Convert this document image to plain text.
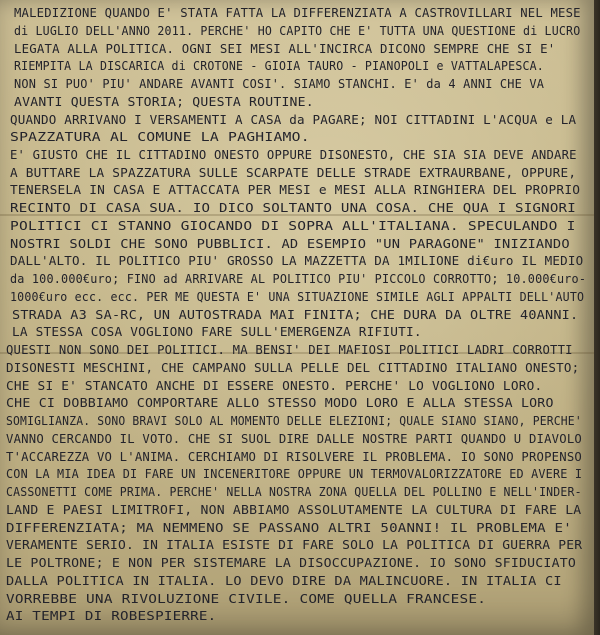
MALEDIZIONE QUANDO E' STATA FATTA LA DIFFERENZIATA A CASTROVILLARI NEL MESE
di LUGLIO DELL'ANNO 2011. PERCHE' HO CAPITO CHE E' TUTTA UNA QUESTIONE di LUCRO
LEGATA ALLA POLITICA. OGNI SEI MESI ALL'INCIRCA DICONO SEMPRE CHE SI E'
RIEMPITA LA DISCARICA di CROTONE - GIOIA TAURO - PIANOPOLI e VATTALAPESCA.
NON SI PUO' PIU' ANDARE AVANTI COSI'. SIAMO STANCHI. E' da 4 ANNI CHE VA
AVANTI QUESTA STORIA; QUESTA ROUTINE.
QUANDO ARRIVANO I VERSAMENTI A CASA da PAGARE; NOI CITTADINI L'ACQUA e LA
SPAZZATURA AL COMUNE LA PAGHIAMO.
E' GIUSTO CHE IL CITTADINO ONESTO OPPURE DISONESTO, CHE SIA SIA DEVE ANDARE
A BUTTARE LA SPAZZATURA SULLE SCARPATE DELLE STRADE EXTRAURBANE, OPPURE,
TENERSELA IN CASA E ATTACCATA PER MESI e MESI ALLA RINGHIERA DEL PROPRIO
RECINTO DI CASA SUA. IO DICO SOLTANTO UNA COSA. CHE QUA I SIGNORI
POLITICI CI STANNO GIOCANDO DI SOPRA ALL'ITALIANA. SPECULANDO I
NOSTRI SOLDI CHE SONO PUBBLICI. AD ESEMPIO "UN PARAGONE" INIZIANDO
DALL'ALTO. IL POLITICO PIU' GROSSO LA MAZZETTA DA 1MILIONE di€uro IL MEDIO
da 100.000€uro; FINO ad ARRIVARE AL POLITICO PIU' PICCOLO CORROTTO; 10.000€uro-
1000€uro ecc. ecc. PER ME QUESTA E' UNA SITUAZIONE SIMILE AGLI APPALTI DELL'AUTO
STRADA A3 SA-RC, UN AUTOSTRADA MAI FINITA; CHE DURA DA OLTRE 40ANNI.
LA STESSA COSA VOGLIONO FARE SULL'EMERGENZA RIFIUTI.
QUESTI NON SONO DEI POLITICI. MA BENSI' DEI MAFIOSI POLITICI LADRI CORROTTI
DISONESTI MESCHINI, CHE CAMPANO SULLA PELLE DEL CITTADINO ITALIANO ONESTO;
CHE SI E' STANCATO ANCHE DI ESSERE ONESTO. PERCHE' LO VOGLIONO LORO.
CHE CI DOBBIAMO COMPORTARE ALLO STESSO MODO LORO E ALLA STESSA LORO
SOMIGLIANZA. SONO BRAVI SOLO AL MOMENTO DELLE ELEZIONI; QUALE SIANO SIANO, PERCHE'
VANNO CERCANDO IL VOTO. CHE SI SUOL DIRE DALLE NOSTRE PARTI QUANDO U DIAVOLO
T'ACCAREZZA VO L'ANIMA. CERCHIAMO DI RISOLVERE IL PROBLEMA. IO SONO PROPENSO
CON LA MIA IDEA DI FARE UN INCENERITORE OPPURE UN TERMOVALORIZZATORE ED AVERE I
CASSONETTI COME PRIMA. PERCHE' NELLA NOSTRA ZONA QUELLA DEL POLLINO E NELL'INDER-
LAND E PAESI LIMITROFI, NON ABBIAMO ASSOLUTAMENTE LA CULTURA DI FARE LA
DIFFERENZIATA; MA NEMMENO SE PASSANO ALTRI 50ANNI! IL PROBLEMA E'
VERAMENTE SERIO. IN ITALIA ESISTE DI FARE SOLO LA POLITICA DI GUERRA PER
LE POLTRONE; E NON PER SISTEMARE LA DISOCCUPAZIONE. IO SONO SFIDUCIATO
DALLA POLITICA IN ITALIA. LO DEVO DIRE DA MALINCUORE. IN ITALIA CI
VORREBBE UNA RIVOLUZIONE CIVILE. COME QUELLA FRANCESE.
AI TEMPI DI ROBESPIERRE.
